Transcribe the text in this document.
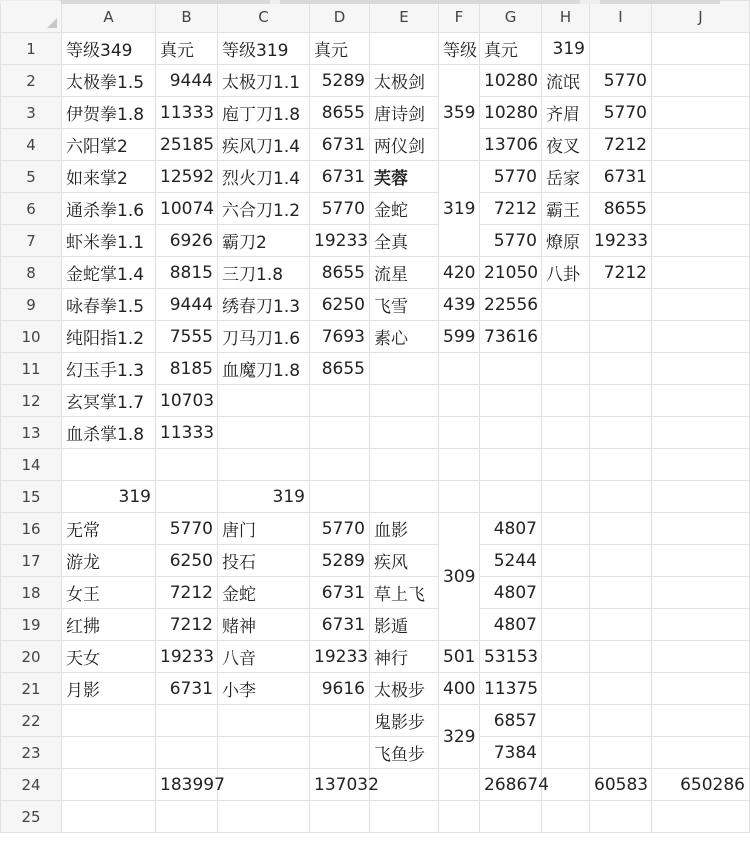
	A	B	C	D	E	F	G	H	I	J
1	等级349	真元	等级319	真元		等级	真元	319		
2	太极拳1.5	9444	太极刀1.1	5289	太极剑	359	10280	流氓	5770	
3	伊贺拳1.8	11333	庖丁刀1.8	8655	唐诗剑		10280	齐眉	5770	
4	六阳掌2	25185	疾风刀1.4	6731	两仪剑		13706	夜叉	7212	
5	如来掌2	12592	烈火刀1.4	6731	芙蓉	319	5770	岳家	6731	
6	通杀拳1.6	10074	六合刀1.2	5770	金蛇		7212	霸王	8655	
7	虾米拳1.1	6926	霸刀2	19233	全真		5770	燎原	19233	
8	金蛇掌1.4	8815	三刀1.8	8655	流星	420	21050	八卦	7212	
9	咏春拳1.5	9444	绣春刀1.3	6250	飞雪	439	22556			
10	纯阳指1.2	7555	刀马刀1.6	7693	素心	599	73616			
11	幻玉手1.3	8185	血魔刀1.8	8655						
12	玄冥掌1.7	10703								
13	血杀掌1.8	11333								
14										
15	319		319							
16	无常	5770	唐门	5770	血影	309	4807			
17	游龙	6250	投石	5289	疾风		5244			
18	女王	7212	金蛇	6731	草上飞		4807			
19	红拂	7212	赌神	6731	影遁		4807			
20	天女	19233	八音	19233	神行	501	53153			
21	月影	6731	小李	9616	太极步	400	11375			
22					鬼影步	329	6857			
23					飞鱼步		7384			
24		183997		137032			268674		60583	650286
25										
